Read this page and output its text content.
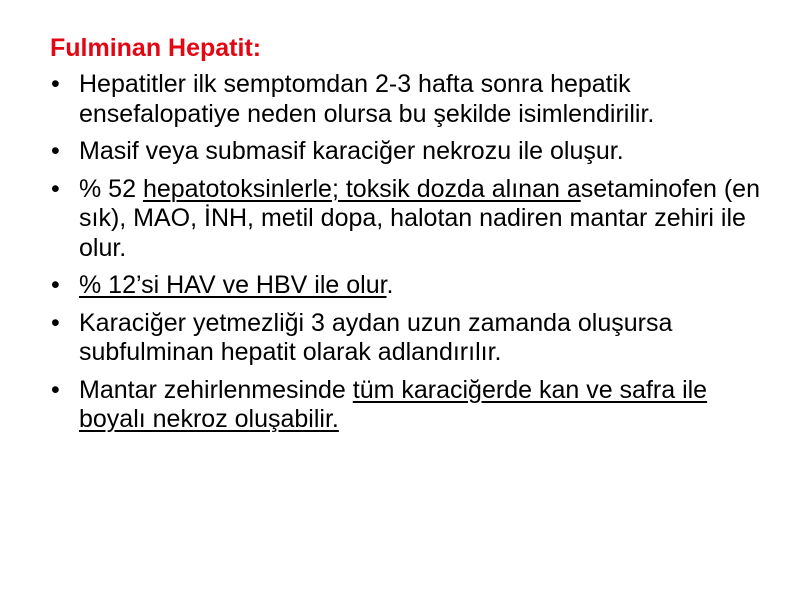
Fulminan Hepatit:
• Hepatitler ilk semptomdan 2-3 hafta sonra hepatik ensefalopatiye neden olursa bu şekilde isimlendirilir.
• Masif veya submasif karaciğer nekrozu ile oluşur.
• % 52 hepatotoksinlerle; toksik dozda alınan asetaminofen (en sık), MAO, İNH, metil dopa, halotan nadiren mantar zehiri ile olur.
• % 12’si HAV ve HBV ile olur.
• Karaciğer yetmezliği 3 aydan uzun zamanda oluşursa subfulminan hepatit olarak adlandırılır.
• Mantar zehirlenmesinde tüm karaciğerde kan ve safra ile boyalı nekroz oluşabilir.
